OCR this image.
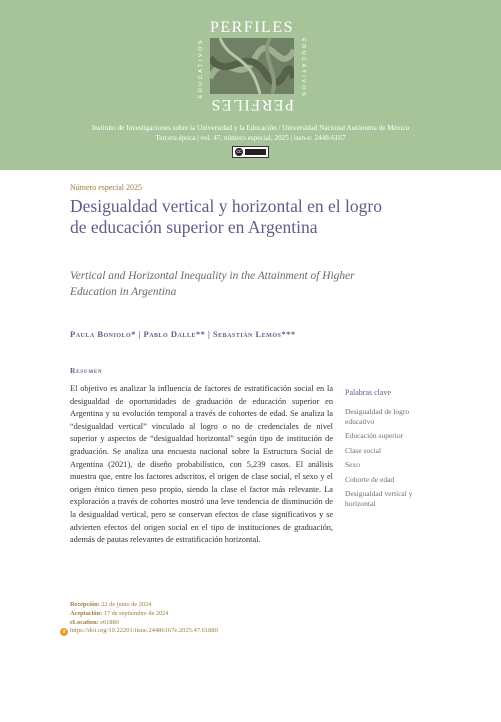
PERFILES
EDUCATIVOS	EDUCATIVOS
PERFILES
Instituto de Investigaciones sobre la Universidad y la Educación / Universidad Nacional Autónoma de México
Tercera época | vol. 47, número especial, 2025 | issn-e: 2448-6167
cc
Número especial 2025
Desigualdad vertical y horizontal en el logro de educación superior en Argentina
Vertical and Horizontal Inequality in the Attainment of Higher Education in Argentina
Paula Boniolo* | Pablo Dalle** | Sebastián Lemos***
Resumen
El objetivo es analizar la influencia de factores de estratificación social en la desigualdad de oportunidades de graduación de educación superior en Argentina y su evolución temporal a través de cohortes de edad. Se analiza la “desigualdad vertical” vinculado al logro o no de credenciales de nivel superior y aspectos de “desigualdad horizontal” según tipo de institución de graduación. Se analiza una encuesta nacional sobre la Estructura Social de Argentina (2021), de diseño probabilístico, con 5,239 casos. El análisis muestra que, entre los factores adscritos, el origen de clase social, el sexo y el origen étnico tienen peso propio, siendo la clase el factor más relevante. La exploración a través de cohortes mostró una leve tendencia de disminución de la desigualdad vertical, pero se conservan efectos de clase significativos y se advierten efectos del origen social en el tipo de instituciones de graduación, además de pautas relevantes de estratificación horizontal.
Palabras clave
Desigualdad de logro educativo
Educación superior
Clase social
Sexo
Cohorte de edad
Desigualdad vertical y horizontal
Recepción: 22 de junio de 2024
Aceptación: 17 de septiembre de 2024
eLocation: e61880
d https://doi.org/10.22201/iisue.24486167e.2025.47.61880
